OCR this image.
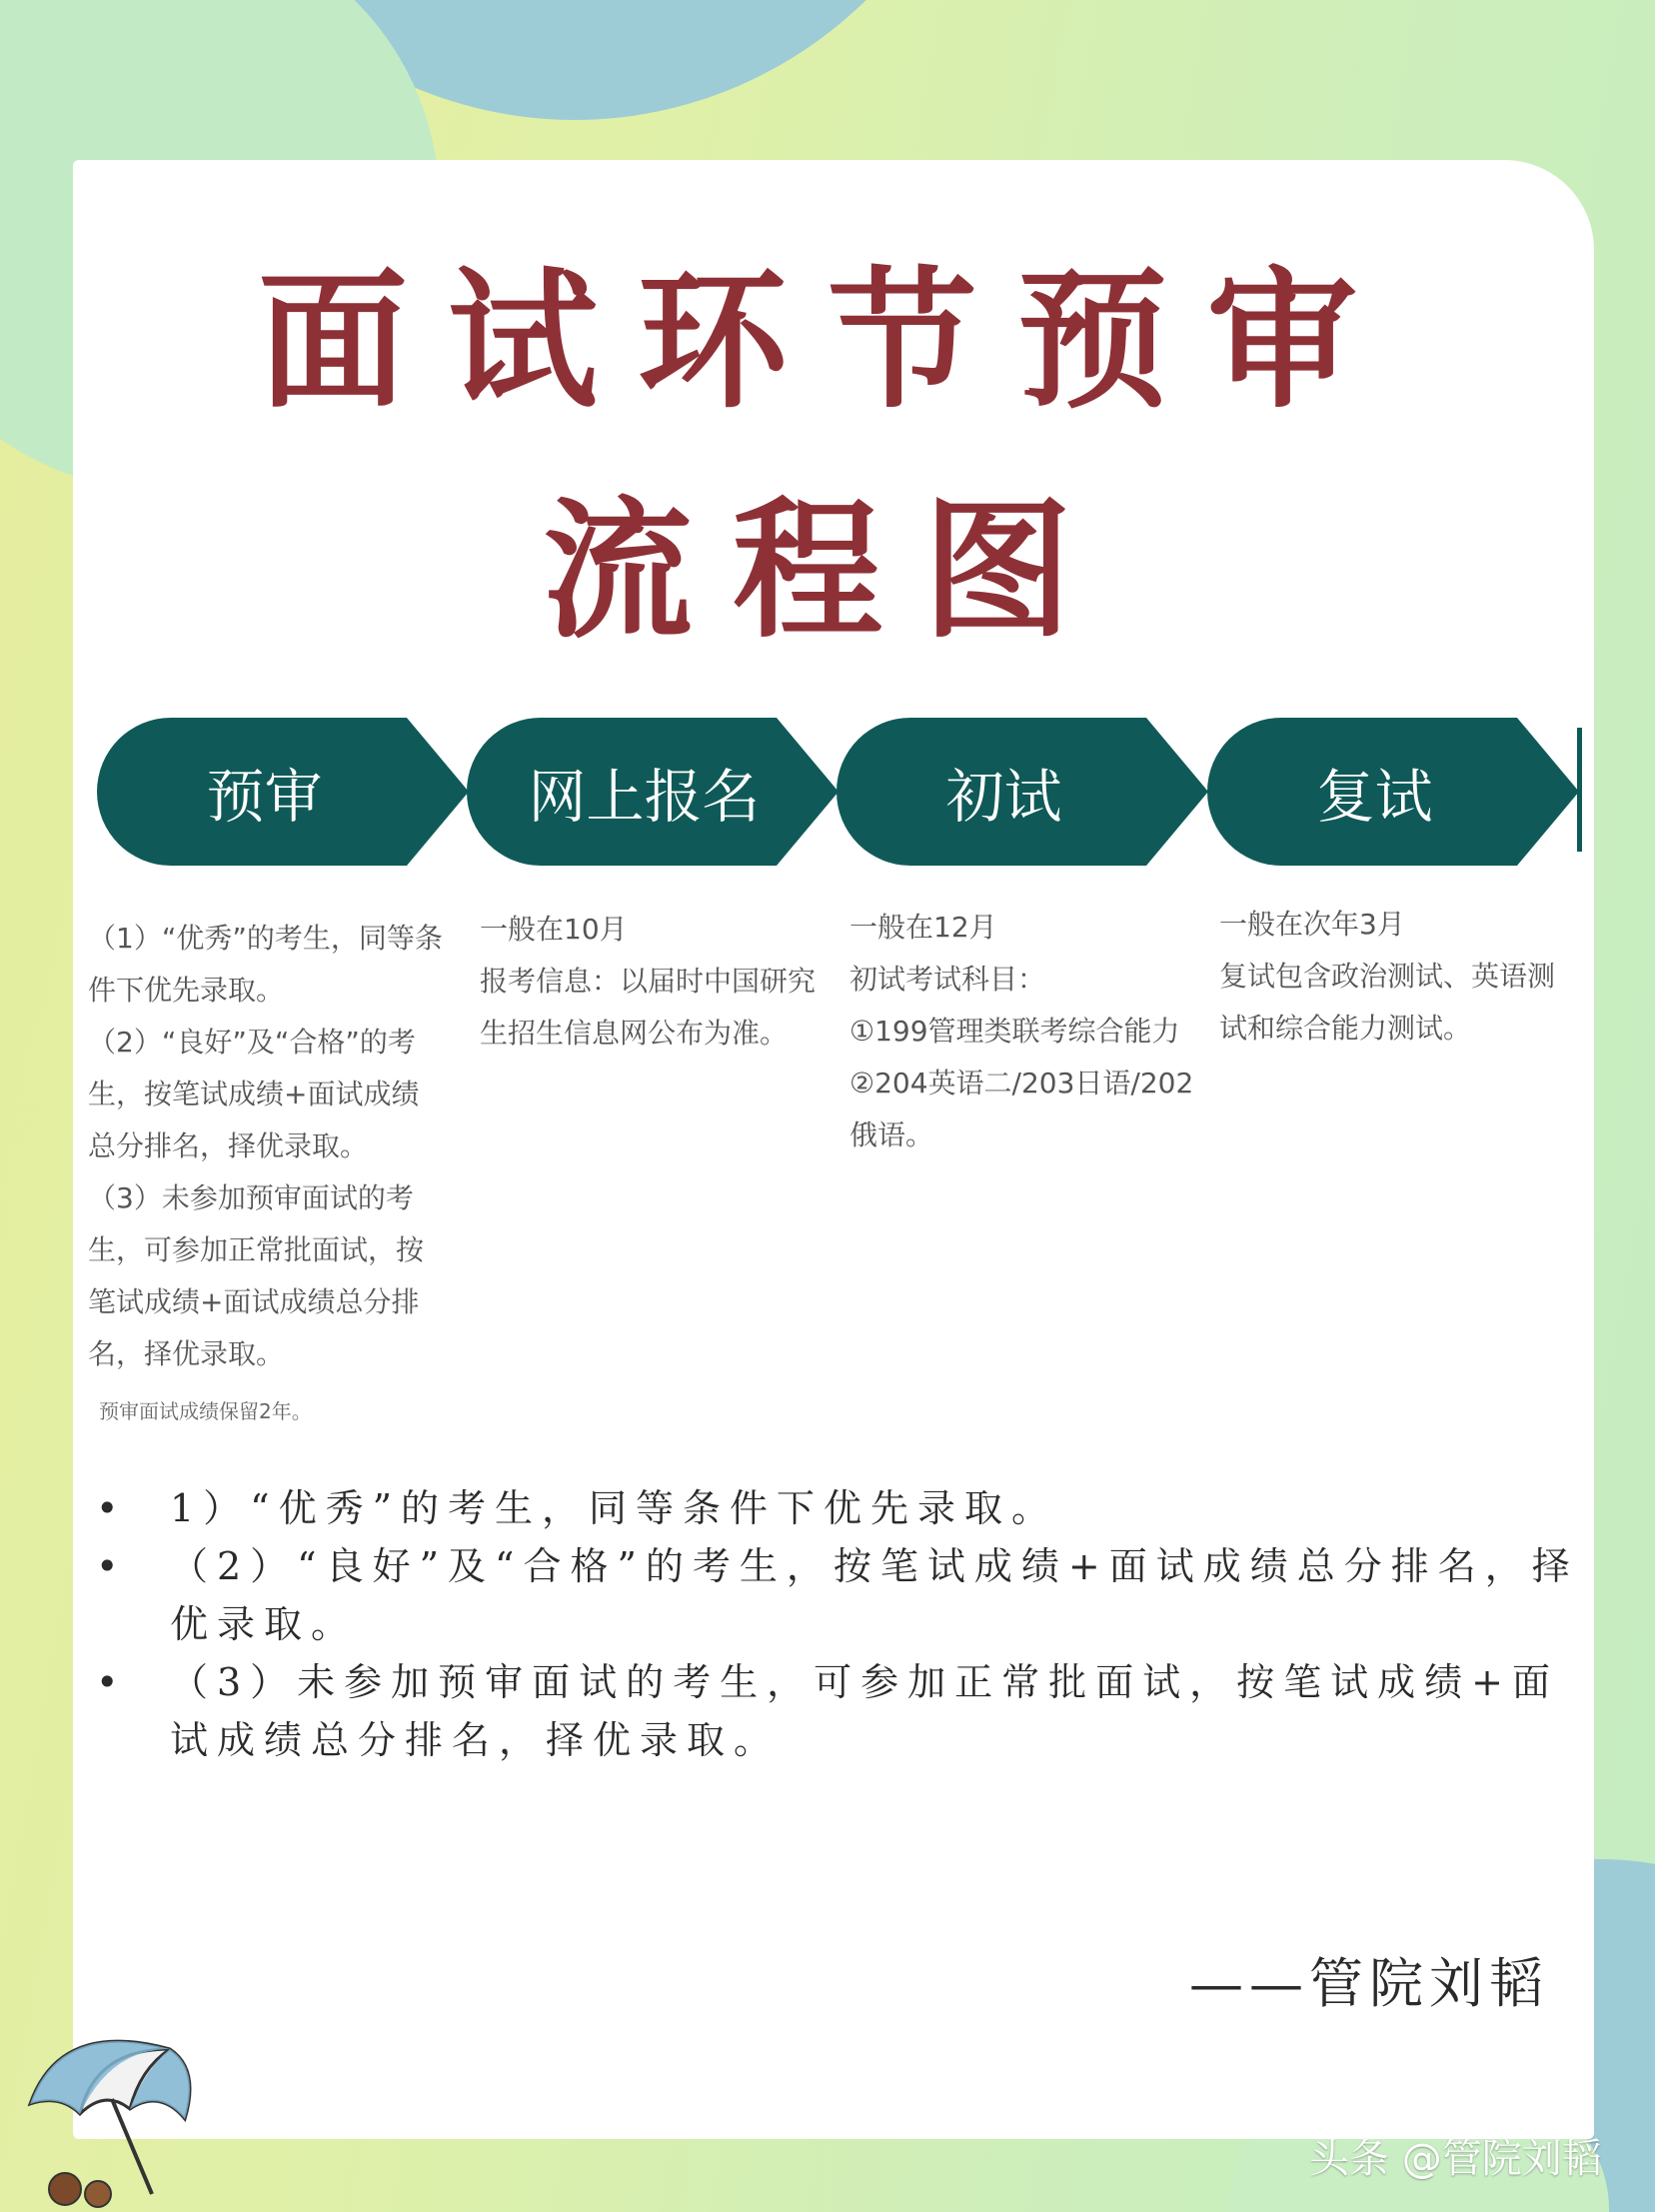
面试环节预审
流程图
预审	网上报名	初试	复试

（1）“优秀”的考生，同等条

件下优先录取。

（2）“良好”及“合格”的考

生，按笔试成绩+面试成绩

总分排名，择优录取。

（3）未参加预审面试的考

生，可参加正常批面试，按

笔试成绩+面试成绩总分排

名，择优录取。

一般在10月

报考信息：以届时中国研究

生招生信息网公布为准。

一般在12月

初试考试科目：

①199管理类联考综合能力

②204英语二/203日语/202

俄语。

一般在次年3月

复试包含政治测试、英语测

试和综合能力测试。

预审面试成绩保留2年。
• 1）“优秀”的考生，同等条件下优先录取。
• （2）“良好”及“合格”的考生，按笔试成绩+面试成绩总分排名，择优录取。
• （3）未参加预审面试的考生，可参加正常批面试，按笔试成绩+面试成绩总分排名，择优录取。
——管院刘韬
头条 @管院刘韬
